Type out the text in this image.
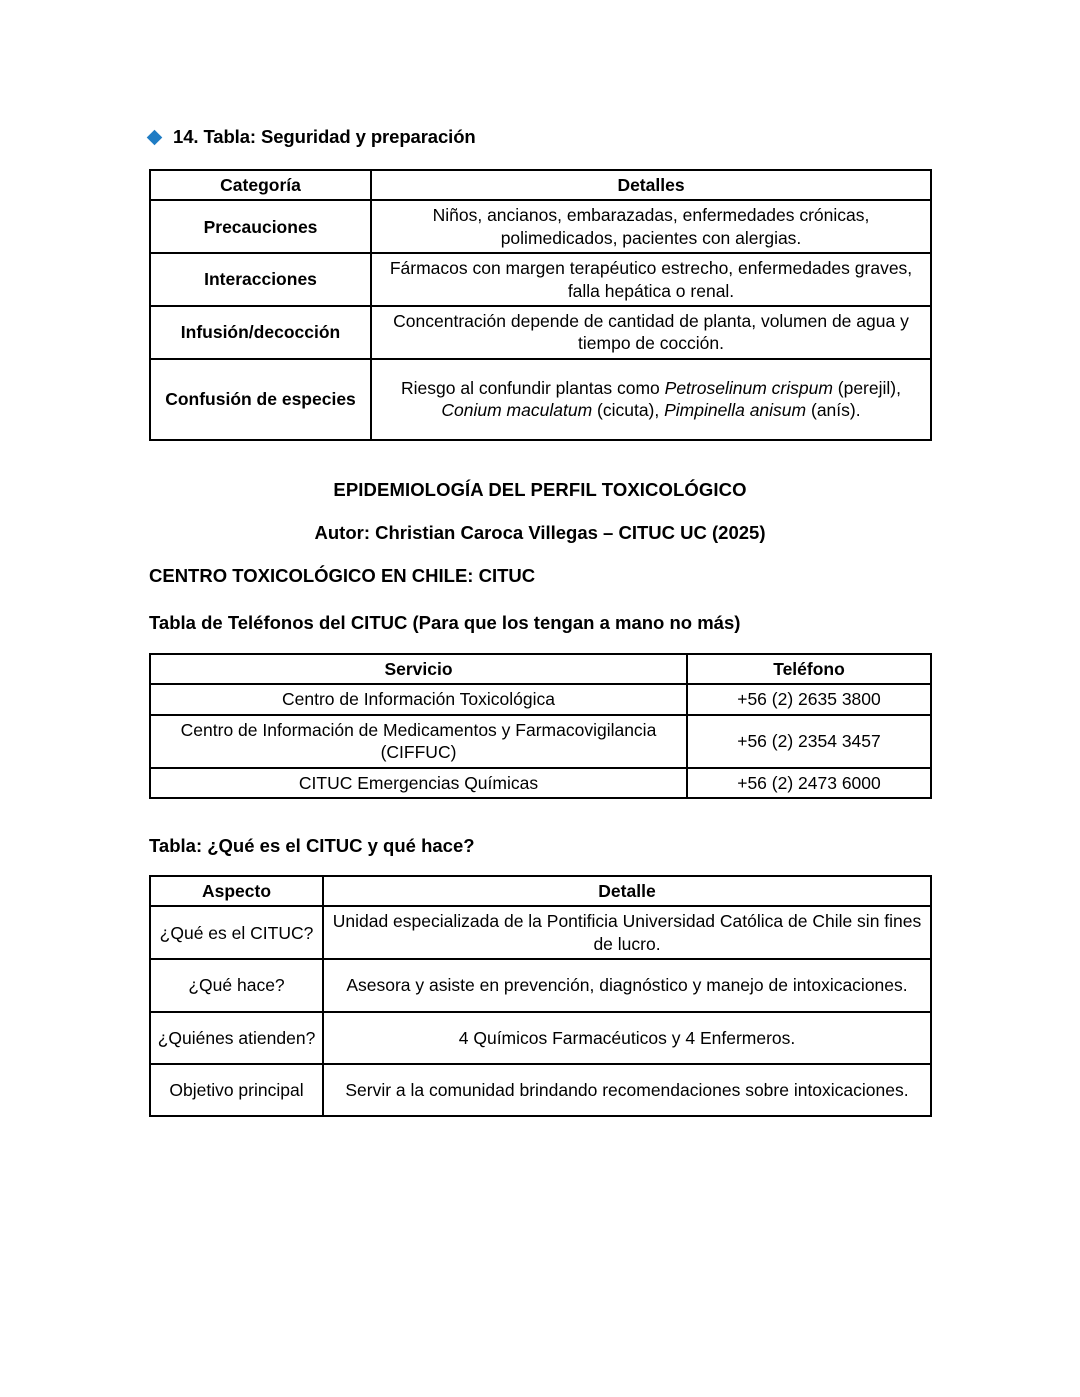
14. Tabla: Seguridad y preparación
Categoría	Detalles
Precauciones	Niños, ancianos, embarazadas, enfermedades crónicas, polimedicados, pacientes con alergias.
Interacciones	Fármacos con margen terapéutico estrecho, enfermedades graves, falla hepática o renal.
Infusión/decocción	Concentración depende de cantidad de planta, volumen de agua y tiempo de cocción.
Confusión de especies	Riesgo al confundir plantas como Petroselinum crispum (perejil), Conium maculatum (cicuta), Pimpinella anisum (anís).
EPIDEMIOLOGÍA DEL PERFIL TOXICOLÓGICO
Autor: Christian Caroca Villegas – CITUC UC (2025)
CENTRO TOXICOLÓGICO EN CHILE: CITUC
Tabla de Teléfonos del CITUC (Para que los tengan a mano no más)
Servicio	Teléfono
Centro de Información Toxicológica	+56 (2) 2635 3800
Centro de Información de Medicamentos y Farmacovigilancia (CIFFUC)	+56 (2) 2354 3457
CITUC Emergencias Químicas	+56 (2) 2473 6000
Tabla: ¿Qué es el CITUC y qué hace?
Aspecto	Detalle
¿Qué es el CITUC?	Unidad especializada de la Pontificia Universidad Católica de Chile sin fines de lucro.
¿Qué hace?	Asesora y asiste en prevención, diagnóstico y manejo de intoxicaciones.
¿Quiénes atienden?	4 Químicos Farmacéuticos y 4 Enfermeros.
Objetivo principal	Servir a la comunidad brindando recomendaciones sobre intoxicaciones.
